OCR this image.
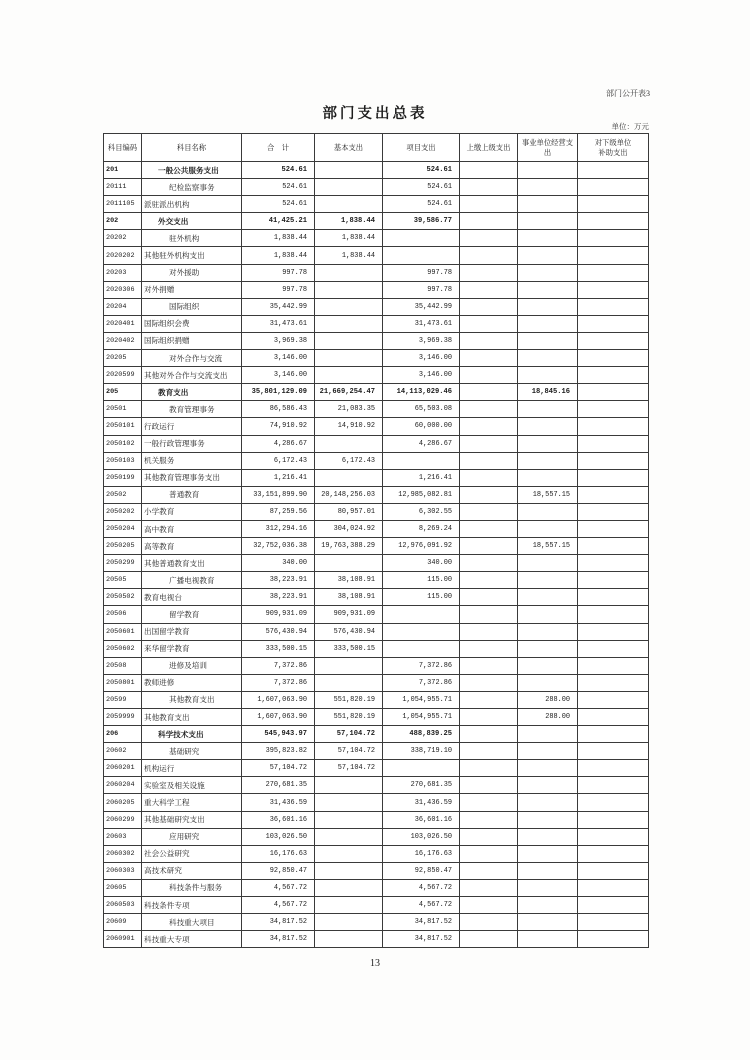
部门公开表3
部门支出总表
单位：万元
科目编码	科目名称	合　计	基本支出	项目支出	上缴上级支出	事业单位经营支出	对下级单位
补助支出
201	一般公共服务支出	524.61		524.61			
20111	纪检监察事务	524.61		524.61			
2011105	派驻派出机构	524.61		524.61			
202	外交支出	41,425.21	1,838.44	39,586.77			
20202	驻外机构	1,838.44	1,838.44				
2020202	其他驻外机构支出	1,838.44	1,838.44				
20203	对外援助	997.78		997.78			
2020306	对外捐赠	997.78		997.78			
20204	国际组织	35,442.99		35,442.99			
2020401	国际组织会费	31,473.61		31,473.61			
2020402	国际组织捐赠	3,969.38		3,969.38			
20205	对外合作与交流	3,146.00		3,146.00			
2020599	其他对外合作与交流支出	3,146.00		3,146.00			
205	教育支出	35,801,129.09	21,669,254.47	14,113,029.46		18,845.16	
20501	教育管理事务	86,586.43	21,083.35	65,503.08			
2050101	行政运行	74,910.92	14,910.92	60,000.00			
2050102	一般行政管理事务	4,286.67		4,286.67			
2050103	机关服务	6,172.43	6,172.43				
2050199	其他教育管理事务支出	1,216.41		1,216.41			
20502	普通教育	33,151,899.90	20,148,256.03	12,985,082.81		18,557.15	
2050202	小学教育	87,259.56	80,957.01	6,302.55			
2050204	高中教育	312,294.16	304,024.92	8,269.24			
2050205	高等教育	32,752,036.38	19,763,388.29	12,976,091.92		18,557.15	
2050299	其他普通教育支出	340.00		340.00			
20505	广播电视教育	38,223.91	38,108.91	115.00			
2050502	教育电视台	38,223.91	38,108.91	115.00			
20506	留学教育	909,931.09	909,931.09				
2050601	出国留学教育	576,430.94	576,430.94				
2050602	来华留学教育	333,500.15	333,500.15				
20508	进修及培训	7,372.86		7,372.86			
2050801	教师进修	7,372.86		7,372.86			
20599	其他教育支出	1,607,063.90	551,820.19	1,054,955.71		288.00	
2059999	其他教育支出	1,607,063.90	551,820.19	1,054,955.71		288.00	
206	科学技术支出	545,943.97	57,104.72	488,839.25			
20602	基础研究	395,823.82	57,104.72	338,719.10			
2060201	机构运行	57,104.72	57,104.72				
2060204	实验室及相关设施	270,681.35		270,681.35			
2060205	重大科学工程	31,436.59		31,436.59			
2060299	其他基础研究支出	36,601.16		36,601.16			
20603	应用研究	103,026.50		103,026.50			
2060302	社会公益研究	16,176.63		16,176.63			
2060303	高技术研究	92,850.47		92,850.47			
20605	科技条件与服务	4,567.72		4,567.72			
2060503	科技条件专项	4,567.72		4,567.72			
20609	科技重大项目	34,817.52		34,817.52			
2060901	科技重大专项	34,817.52		34,817.52			
13
